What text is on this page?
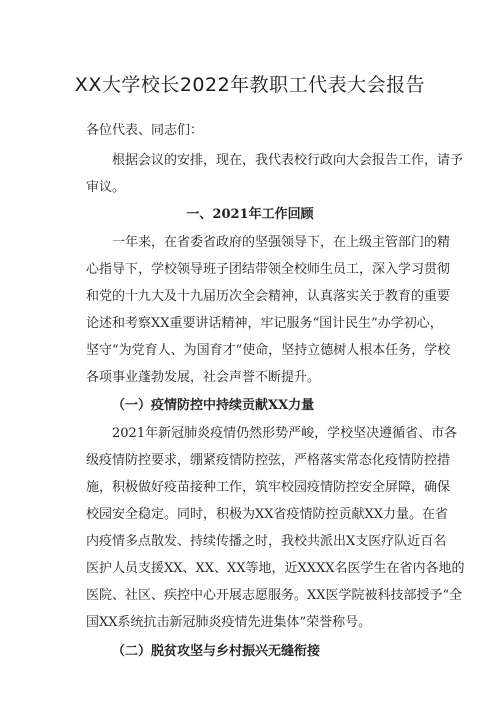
XX大学校长2022年教职工代表大会报告
各位代表、同志们：
根据会议的安排，现在，我代表校行政向大会报告工作，请予
审议。
一、2021年工作回顾
一年来，在省委省政府的坚强领导下，在上级主管部门的精
心指导下，学校领导班子团结带领全校师生员工，深入学习贯彻
和党的十九大及十九届历次全会精神，认真落实关于教育的重要
论述和考察XX重要讲话精神，牢记服务“国计民生”办学初心，
坚守“为党育人、为国育才”使命，坚持立德树人根本任务，学校
各项事业蓬勃发展，社会声誉不断提升。
（一）疫情防控中持续贡献XX力量
2021年新冠肺炎疫情仍然形势严峻，学校坚决遵循省、市各
级疫情防控要求，绷紧疫情防控弦，严格落实常态化疫情防控措
施，积极做好疫苗接种工作，筑牢校园疫情防控安全屏障，确保
校园安全稳定。同时，积极为XX省疫情防控贡献XX力量。在省
内疫情多点散发、持续传播之时，我校共派出X支医疗队近百名
医护人员支援XX、XX、XX等地，近XXXX名医学生在省内各地的
医院、社区、疾控中心开展志愿服务。XX医学院被科技部授予“全
国XX系统抗击新冠肺炎疫情先进集体”荣誉称号。
（二）脱贫攻坚与乡村振兴无缝衔接
